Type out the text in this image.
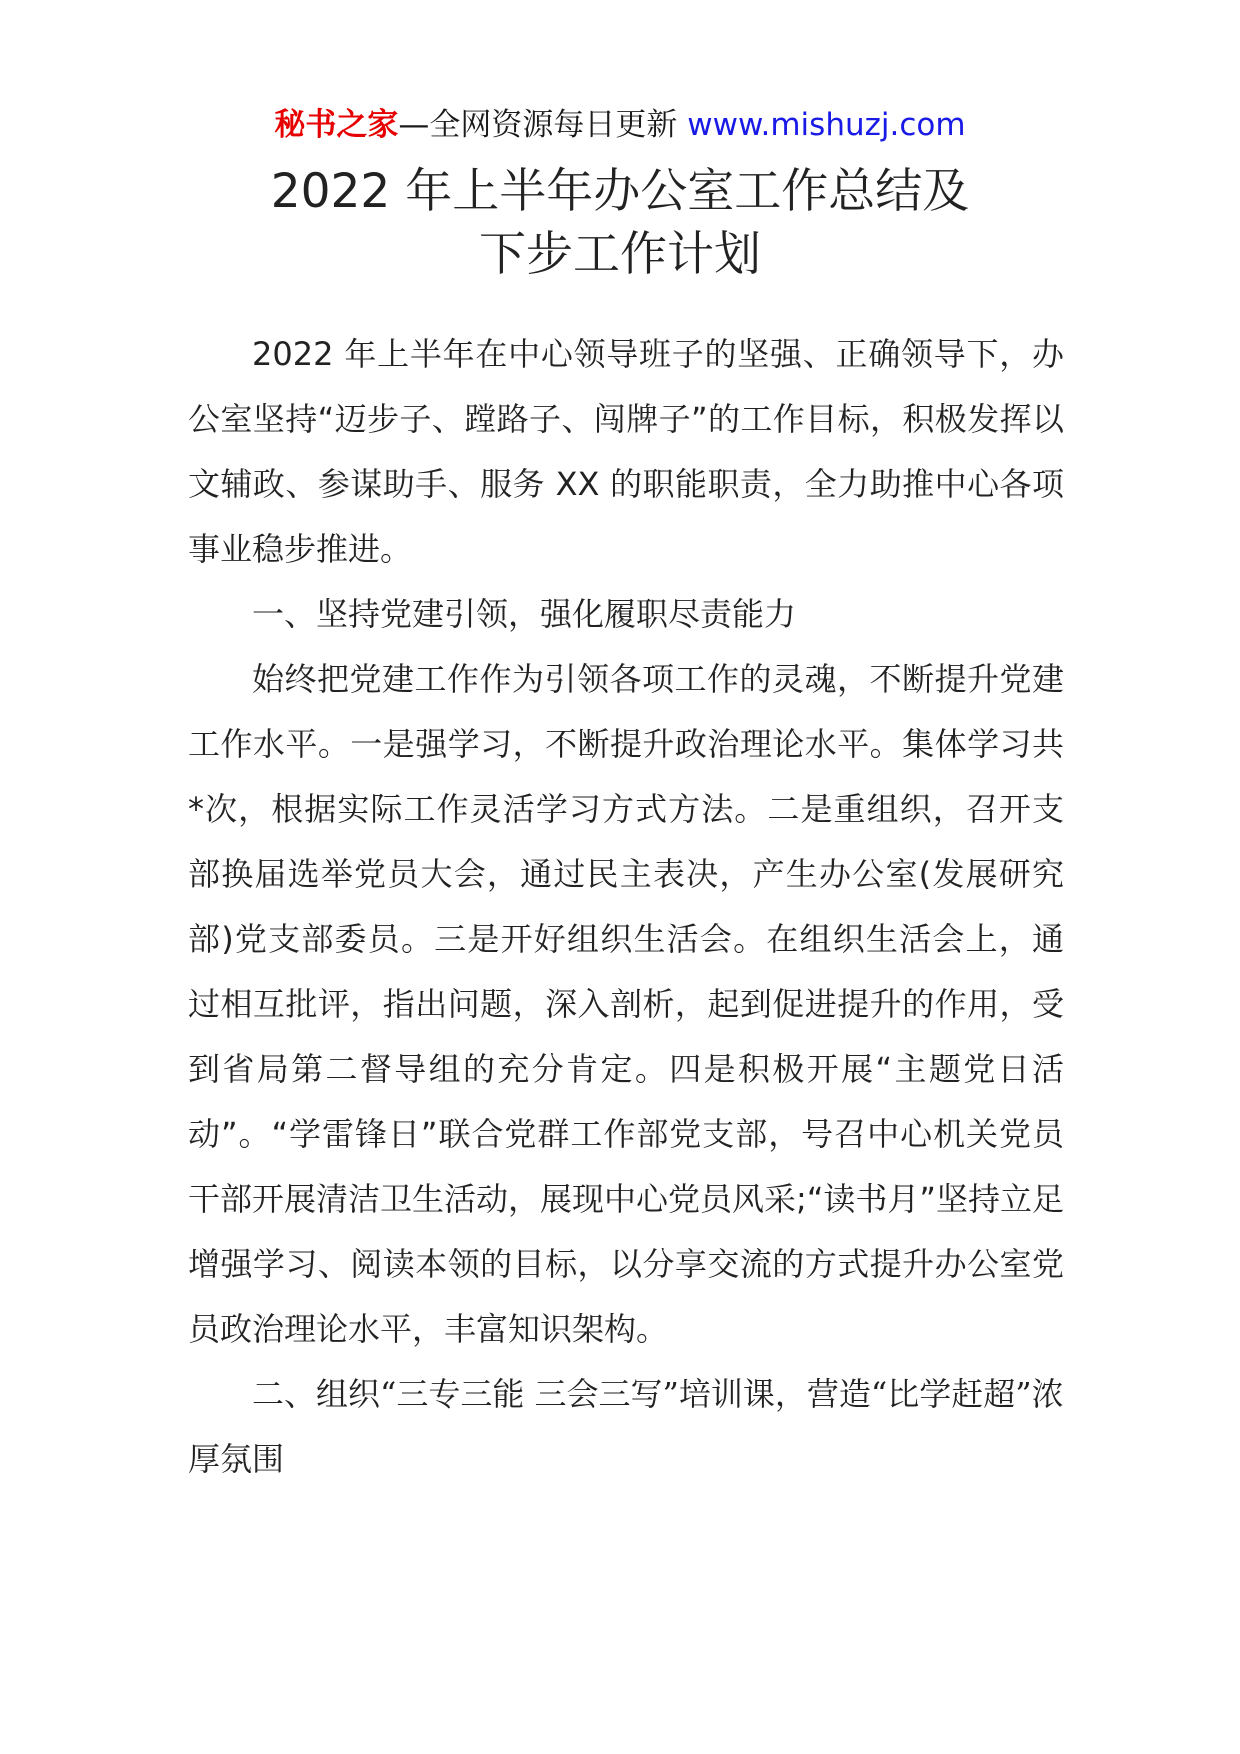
秘书之家—全网资源每日更新 www.mishuzj.com
2022 年上半年办公室工作总结及
下步工作计划

2022 年上半年在中心领导班子的坚强、正确领导下，办公室坚持“迈步子、蹚路子、闯牌子”的工作目标，积极发挥以文辅政、参谋助手、服务 XX 的职能职责，全力助推中心各项事业稳步推进。

一、坚持党建引领，强化履职尽责能力

始终把党建工作作为引领各项工作的灵魂，不断提升党建工作水平。一是强学习，不断提升政治理论水平。集体学习共*次，根据实际工作灵活学习方式方法。二是重组织，召开支部换届选举党员大会，通过民主表决，产生办公室(发展研究部)党支部委员。三是开好组织生活会。在组织生活会上，通过相互批评，指出问题，深入剖析，起到促进提升的作用，受到省局第二督导组的充分肯定。四是积极开展“主题党日活动”。“学雷锋日”联合党群工作部党支部，号召中心机关党员干部开展清洁卫生活动，展现中心党员风采;“读书月”坚持立足增强学习、阅读本领的目标，以分享交流的方式提升办公室党员政治理论水平，丰富知识架构。

二、组织“三专三能 三会三写”培训课，营造“比学赶超”浓厚氛围
